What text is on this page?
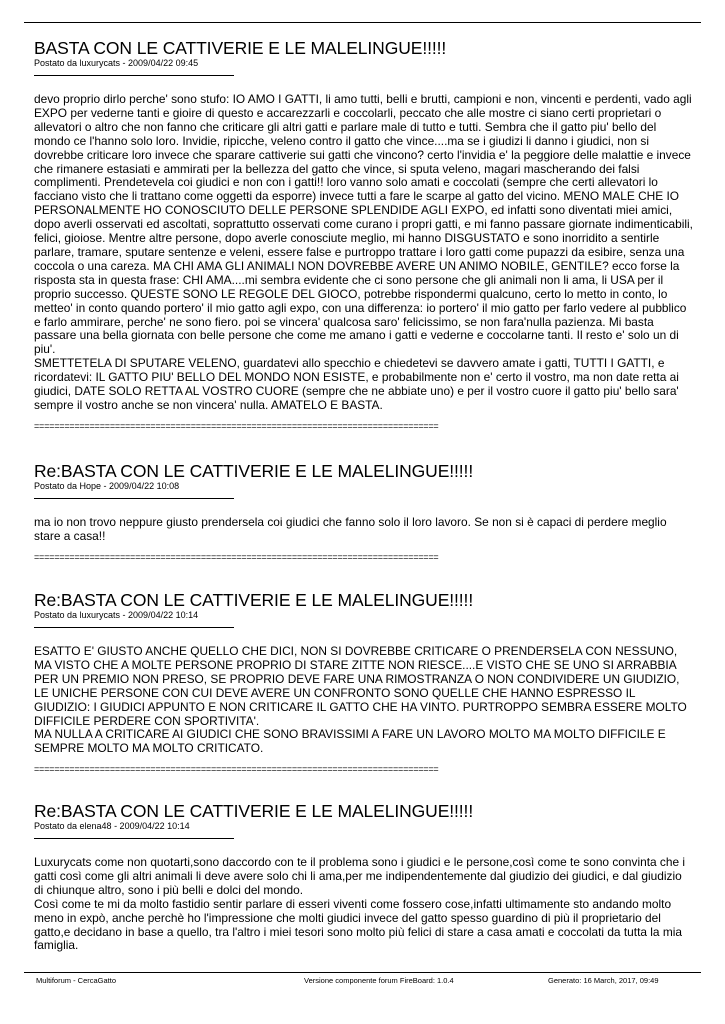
BASTA CON LE CATTIVERIE E LE MALELINGUE!!!!!
Postato da luxurycats - 2009/04/22 09:45

devo proprio dirlo perche' sono stufo: IO AMO I GATTI, li amo tutti, belli e brutti, campioni e non, vincenti e perdenti, vado agli EXPO per vederne tanti e gioire di questo e accarezzarli e coccolarli, peccato che alle mostre ci siano certi proprietari o allevatori o altro che non fanno che criticare gli altri gatti e parlare male di tutto e tutti. Sembra che il gatto piu' bello del mondo ce l'hanno solo loro. Invidie, ripicche, veleno contro il gatto che vince....ma se i giudizi li danno i giudici, non si dovrebbe criticare loro invece che sparare cattiverie sui gatti che vincono? certo l'invidia e' la peggiore delle malattie e invece che rimanere estasiati e ammirati per la bellezza del gatto che vince, si sputa veleno, magari mascherando dei falsi complimenti. Prendetevela coi giudici e non con i gatti!! loro vanno solo amati e coccolati (sempre che certi allevatori lo facciano visto che li trattano come oggetti da esporre) invece tutti a fare le scarpe al gatto del vicino. MENO MALE CHE IO PERSONALMENTE HO CONOSCIUTO DELLE PERSONE SPLENDIDE AGLI EXPO, ed infatti sono diventati miei amici, dopo averli osservati ed ascoltati, soprattutto osservati come curano i propri gatti, e mi fanno passare giornate indimenticabili, felici, gioiose. Mentre altre persone, dopo averle conosciute meglio, mi hanno DISGUSTATO e sono inorridito a sentirle parlare, tramare, sputare sentenze e veleni, essere false e purtroppo trattare i loro gatti come pupazzi da esibire, senza una coccola o una careza. MA CHI AMA GLI ANIMALI NON DOVREBBE AVERE UN ANIMO NOBILE, GENTILE? ecco forse la risposta sta in questa frase: CHI AMA....mi sembra evidente che ci sono persone che gli animali non li ama, li USA per il proprio successo. QUESTE SONO LE REGOLE DEL GIOCO, potrebbe rispondermi qualcuno, certo lo metto in conto, lo metteo' in conto quando portero' il mio gatto agli expo, con una differenza: io portero' il mio gatto per farlo vedere al pubblico e farlo ammirare, perche' ne sono fiero. poi se vincera' qualcosa saro' felicissimo, se non fara'nulla pazienza. Mi basta passare una bella giornata con belle persone che come me amano i gatti e vederne e coccolarne tanti. Il resto e' solo un di piu'.

SMETTETELA DI SPUTARE VELENO, guardatevi allo specchio e chiedetevi se davvero amate i gatti, TUTTI I GATTI, e ricordatevi: IL GATTO PIU' BELLO DEL MONDO NON ESISTE, e probabilmente non e' certo il vostro, ma non date retta ai giudici, DATE SOLO RETTA AL VOSTRO CUORE (sempre che ne abbiate uno) e per il vostro cuore il gatto piu' bello sara' sempre il vostro anche se non vincera' nulla. AMATELO E BASTA.

================================================================================
Re:BASTA CON LE CATTIVERIE E LE MALELINGUE!!!!!
Postato da Hope - 2009/04/22 10:08

ma io non trovo neppure giusto prendersela coi giudici che fanno solo il loro lavoro. Se non si è capaci di perdere meglio stare a casa!!

================================================================================
Re:BASTA CON LE CATTIVERIE E LE MALELINGUE!!!!!
Postato da luxurycats - 2009/04/22 10:14

ESATTO E' GIUSTO ANCHE QUELLO CHE DICI, NON SI DOVREBBE CRITICARE O PRENDERSELA CON NESSUNO, MA VISTO CHE A MOLTE PERSONE PROPRIO DI STARE ZITTE NON RIESCE....E VISTO CHE SE UNO SI ARRABBIA PER UN PREMIO NON PRESO, SE PROPRIO DEVE FARE UNA RIMOSTRANZA O NON CONDIVIDERE UN GIUDIZIO, LE UNICHE PERSONE CON CUI DEVE AVERE UN CONFRONTO SONO QUELLE CHE HANNO ESPRESSO IL GIUDIZIO: I GIUDICI APPUNTO E NON CRITICARE IL GATTO CHE HA VINTO. PURTROPPO SEMBRA ESSERE MOLTO DIFFICILE PERDERE CON SPORTIVITA'.

MA NULLA A CRITICARE AI GIUDICI CHE SONO BRAVISSIMI A FARE UN LAVORO MOLTO MA MOLTO DIFFICILE E SEMPRE MOLTO MA MOLTO CRITICATO.

================================================================================
Re:BASTA CON LE CATTIVERIE E LE MALELINGUE!!!!!
Postato da elena48 - 2009/04/22 10:14

Luxurycats come non quotarti,sono daccordo con te il problema sono i giudici e le persone,così come te sono convinta che i gatti così come gli altri animali li deve avere solo chi li ama,per me indipendentemente dal giudizio dei giudici, e dal giudizio di chiunque altro, sono i più belli e dolci del mondo.

Così come te mi da molto fastidio sentir parlare di esseri viventi come fossero cose,infatti ultimamente sto andando molto meno in expò, anche perchè ho l'impressione che molti giudici invece del gatto spesso guardino di più il proprietario del gatto,e decidano in base a quello, tra l'altro i miei tesori sono molto più felici di stare a casa amati e coccolati da tutta la mia famiglia.

Multiforum - CercaGatto	Versione componente forum FireBoard: 1.0.4	Generato: 16 March, 2017, 09:49
